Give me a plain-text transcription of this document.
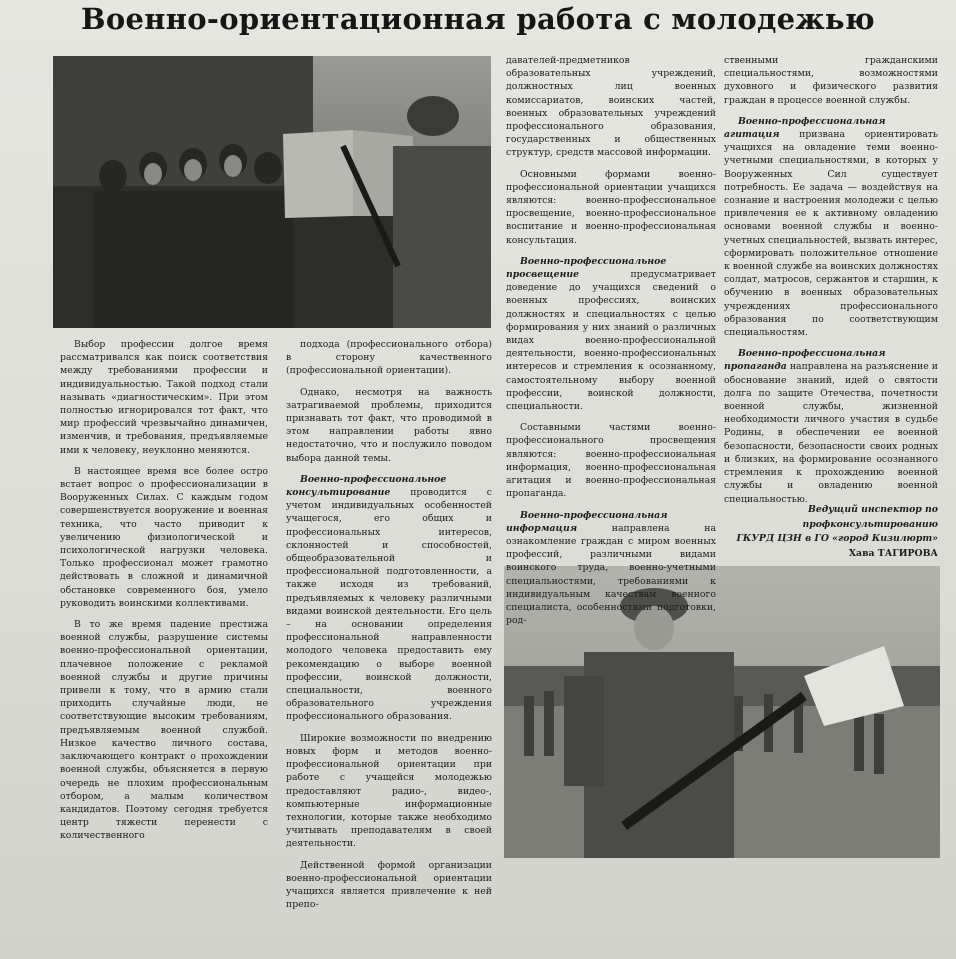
Военно-ориентационная работа с молодежью

Выбор профессии долгое время рассматривался как поиск соответствия между требованиями профессии и индивидуальностью. Такой подход стали называть «диагностическим». При этом полностью игнорировался тот факт, что мир профессий чрезвычайно динамичен, изменчив, и требования, предъявляемые ими к человеку, неуклонно меняются.

В настоящее время все более остро встает вопрос о профессионализации в Вооруженных Силах. С каждым годом совершенствуется вооружение и военная техника, что часто приводит к увеличению физиологической и психологической нагрузки человека. Только профессионал может грамотно действовать в сложной и динамичной обстановке современного боя, умело руководить воинскими коллективами.

В то же время падение престижа военной службы, разрушение системы военно-профессиональной ориентации, плачевное положение с рекламой военной службы и другие причины привели к тому, что в армию стали приходить случайные люди, не соответствующие высоким требованиям, предъявляемым военной службой. Низкое качество личного состава, заключающего контракт о прохождении военной службы, объясняется в первую очередь не плохим профессиональным отбором, а малым количеством кандидатов. Поэтому сегодня требуется центр тяжести перенести с количественного

подхода (профессионального отбора) в сторону качественного (профессиональной ориентации).

Однако, несмотря на важность затрагиваемой проблемы, приходится признавать тот факт, что проводимой в этом направлении работы явно недостаточно, что и послужило поводом выбора данной темы.

Военно-профессиональное консультирование проводится с учетом индивидуальных особенностей учащегося, его общих и профессиональных интересов, склонностей и способностей, общеобразовательной и профессиональной подготовленности, а также исходя из требований, предъявляемых к человеку различными видами воинской деятельности. Его цель – на основании определения профессиональной направленности молодого человека предоставить ему рекомендацию о выборе военной профессии, воинской должности, специальности, военного образовательного учреждения профессионального образования.

Широкие возможности по внедрению новых форм и методов военно-профессиональной ориентации при работе с учащейся молодежью предоставляют радио-, видео-, компьютерные информационные технологии, которые также необходимо учитывать преподавателям в своей деятельности.

Действенной формой организации военно-профессиональной ориентации учащихся является привлечение к ней препо-

давателей-предметников образовательных учреждений, должностных лиц военных комиссариатов, воинских частей, военных образовательных учреждений профессионального образования, государственных и общественных структур, средств массовой информации.

Основными формами военно-профессиональной ориентации учащихся являются: военно-профессиональное просвещение, военно-профессиональное воспитание и военно-профессиональная консультация.

Военно-профессиональное просвещение предусматривает доведение до учащихся сведений о военных профессиях, воинских должностях и специальностях с целью формирования у них знаний о различных видах военно-профессиональной деятельности, военно-профессиональных интересов и стремления к осознанному, самостоятельному выбору военной профессии, воинской должности, специальности.

Составными частями военно-профессионального просвещения являются: военно-профессиональная информация, военно-профессиональная агитация и военно-профессиональная пропаганда.

Военно-профессиональная информация направлена на ознакомление граждан с миром военных профессий, различными видами воинского труда, военно-учетными специальностями, требованиями к индивидуальным качествам военного специалиста, особенностями подготовки, род-

ственными гражданскими специальностями, возможностями духовного и физического развития граждан в процессе военной службы.

Военно-профессиональная агитация призвана ориентировать учащихся на овладение теми военно-учетными специальностями, в которых у Вооруженных Сил существует потребность. Ее задача — воздействуя на сознание и настроения молодежи с целью привлечения ее к активному овладению основами военной службы и военно-учетных специальностей, вызвать интерес, сформировать положительное отношение к военной службе на воинских должностях солдат, матросов, сержантов и старшин, к обучению в военных образовательных учреждениях профессионального образования по соответствующим специальностям.

Военно-профессиональная пропаганда направлена на разъяснение и обоснование знаний, идей о святости долга по защите Отечества, почетности военной службы, жизненной необходимости личного участия в судьбе Родины, в обеспечении ее военной безопасности, безопасности своих родных и близких, на формирование осознанного стремления к прохождению военной службы и овладению военной специальностью.

Ведущий инспектор по профконсультированию
ГКУРД ЦЗН в ГО «город Кизилюрт»
Хава ТАГИРОВА
